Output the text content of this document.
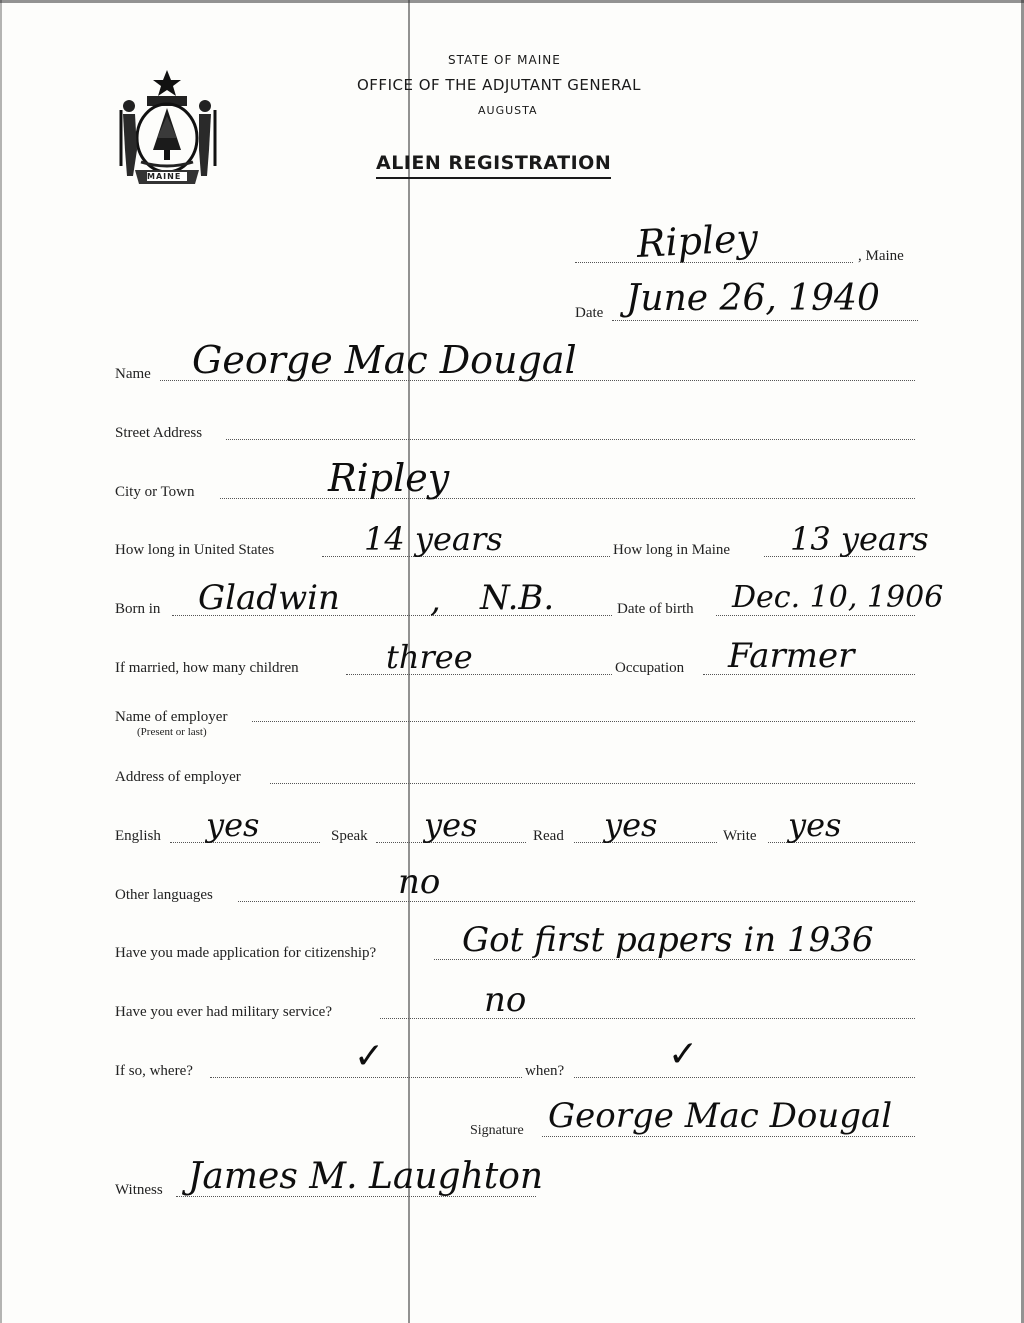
MAINE
STATE OF MAINE
OFFICE OF THE ADJUTANT GENERAL
AUGUSTA
ALIEN REGISTRATION
Ripley	, Maine
Date June 26, 1940
Name George Mac Dougal
Street Address
City or Town	Ripley
How long in United States	14 years	How long in Maine 13 years
Born in Gladwin	, N.B.	Date of birth Dec. 10, 1906
If married, how many children	three	Occupation Farmer
Name of employer
(Present or last)
Address of employer
English yes	Speak yes	Read yes	Write yes
Other languages	no
Have you made application for citizenship?	Got first papers in 1936
Have you ever had military service?	no
If so, where?	✓	when?	✓
Signature George Mac Dougal
Witness James M. Laughton
